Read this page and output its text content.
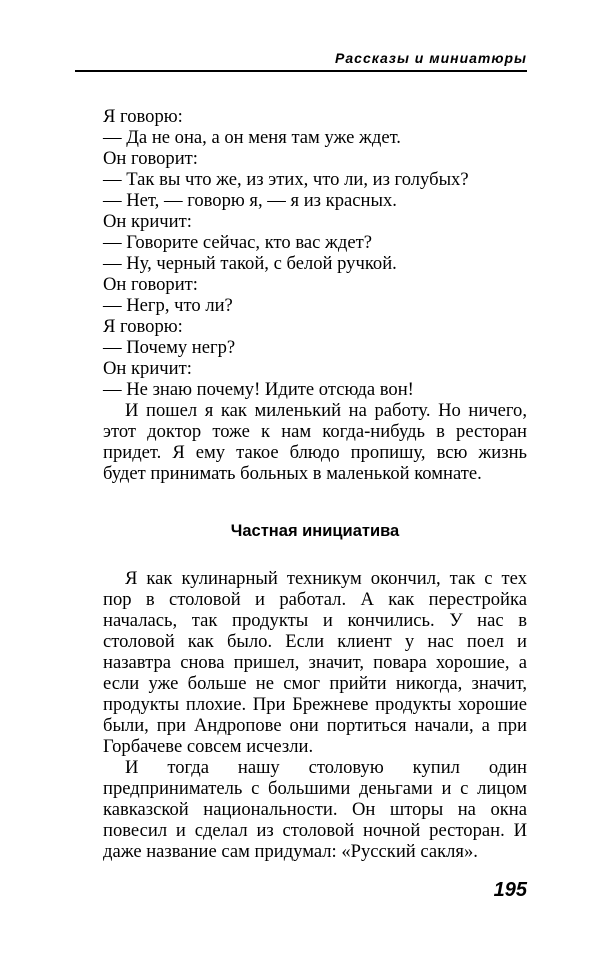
Рассказы и миниатюры
Я говорю:
— Да не она, а он меня там уже ждет.
Он говорит:
— Так вы что же, из этих, что ли, из голубых?
— Нет, — говорю я, — я из красных.
Он кричит:
— Говорите сейчас, кто вас ждет?
— Ну, черный такой, с белой ручкой.
Он говорит:
— Негр, что ли?
Я говорю:
— Почему негр?
Он кричит:
— Не знаю почему! Идите отсюда вон!

И пошел я как миленький на работу. Но ничего, этот доктор тоже к нам когда-нибудь в ресторан придет. Я ему такое блюдо пропишу, всю жизнь будет принимать больных в маленькой комнате.

Частная инициатива

Я как кулинарный техникум окончил, так с тех пор в столовой и работал. А как перестройка началась, так продукты и кончились. У нас в столовой как было. Если клиент у нас поел и назавтра снова пришел, значит, повара хорошие, а если уже больше не смог прийти никогда, значит, продукты плохие. При Брежневе продукты хорошие были, при Андропове они портиться начали, а при Горбачеве совсем исчезли.

И тогда нашу столовую купил один предприниматель с большими деньгами и с лицом кавказской национальности. Он шторы на окна повесил и сделал из столовой ночной ресторан. И даже название сам придумал: «Русский сакля».

195
